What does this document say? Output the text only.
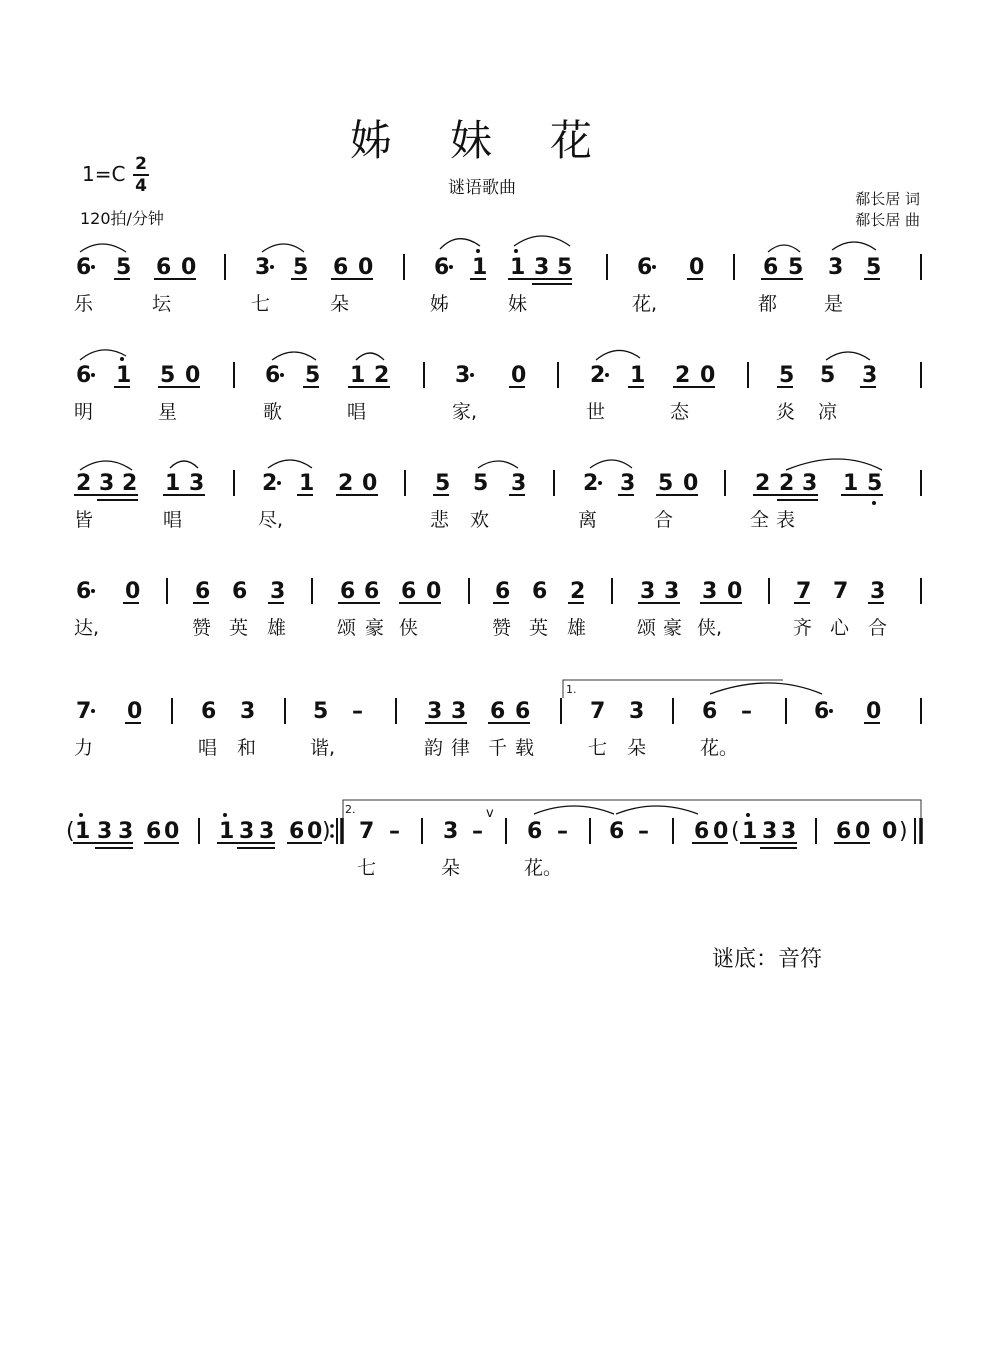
姊妹花
谜语歌曲
1=C 2
4
120拍/分钟
郗长居 词
郗长居 曲
6 5 6 0	3 5 6 0	6 1 1 3 5	6 0	6 5 3 5
乐	坛	七	朵	姊	妹	花,	都 是
6 1 5 0	6 5 1 2	3 0	2 1 2 0	5 5 3
明	星	歌	唱	家,	世	态	炎 凉
2 3 2 1 3	2 1 2 0	5 5 3	2 3 5 0	2 2 3 1 5
皆	唱	尽,	悲 欢	离	合	全 表
6 0 6 6 3 6 6 6 0 6 6 2 3 3 3 0 7 7 3
达,	赞 英 雄	颂 豪 侠	赞 英 雄	颂 豪 侠,	齐 心 合
7 0	6 3	5 –	3 3 6 6
1.
7 3	6 –	6 0
力	唱 和	谐,	韵 律 千 载	七 朵	花。
( 1 3 3 6 0 1 3 3 6 0 )
2.
7 – 3 –
v
6 – 6 – 6 0 ( 1 3 3 6 0 0 )
七	朵	花。
谜底：音符
